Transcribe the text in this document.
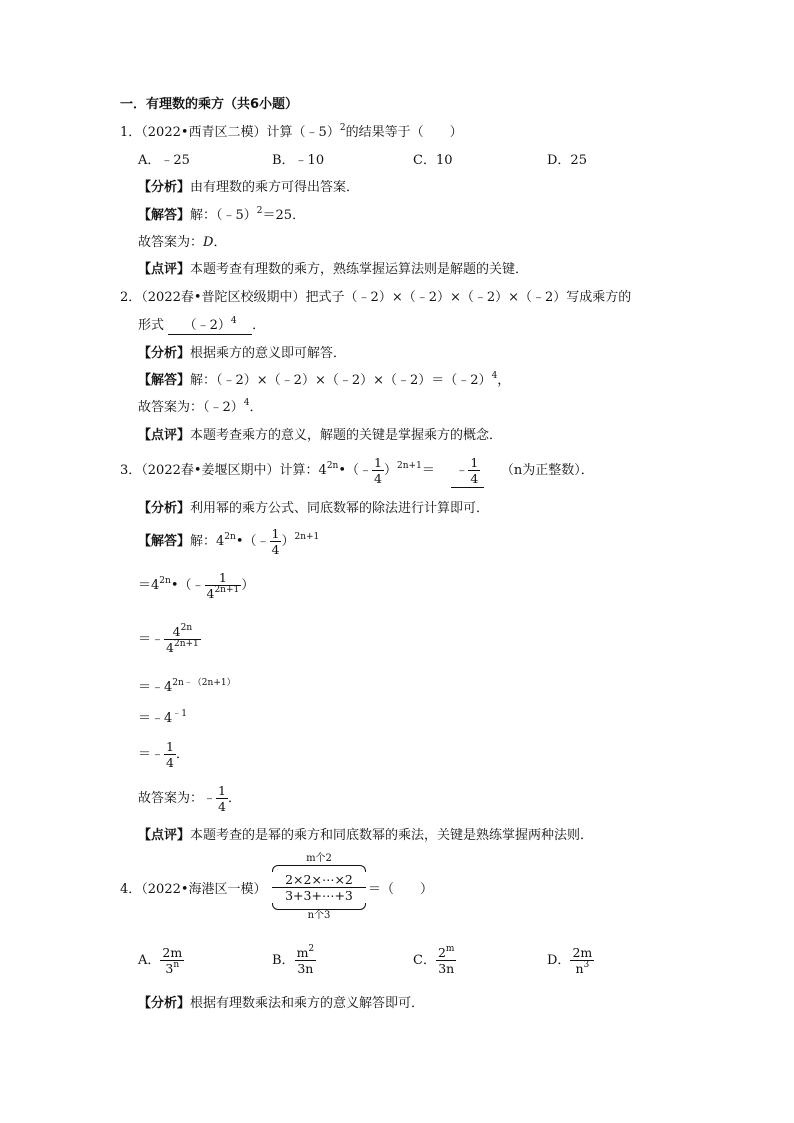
一．有理数的乘方（共6小题）
1．（2022•西青区二模）计算（﹣5）$^2$的结果等于（　　）
A．﹣25	B．﹣10	C．10	D．25
【分析】由有理数的乘方可得出答案．
【解答】解：（﹣5）$^2$＝25．
故答案为：D．
【点评】本题考查有理数的乘方，熟练掌握运算法则是解题的关键．
2．（2022春•普陀区校级期中）把式子（﹣2）×（﹣2）×（﹣2）×（﹣2）写成乘方的
形式 （﹣2）$^4$ ．
【分析】根据乘方的意义即可解答．
【解答】解：（﹣2）×（﹣2）×（﹣2）×（﹣2）＝（﹣2）$^4$，
故答案为：（﹣2）$^4$．
【点评】本题考查乘方的意义，解题的关键是掌握乘方的概念．
3．（2022春•姜堰区期中）计算：$4^{2n}•(﹣ \frac{1}{4} )^{2n+1}=$ ﹣ $\frac{1}{4} (n$为正整数）．
【分析】利用幂的乘方公式、同底数幂的除法进行计算即可．
【解答】解：$4^{2n}•(﹣ \frac{1}{4} )^{2n+1}$
$=4^{2n}•(﹣ \frac{1}{4^{2n+1}}$ ）
＝﹣ $\frac{4^{2n}}{4^{2n+1}}$
$=﹣4^{2n﹣(2n+1)}$
$=﹣4^{﹣1}$
＝﹣ $\frac{1}{4}$ ．
故答案为：﹣ $\frac{1}{4}$ ．
【点评】本题考查的是幂的乘方和同底数幂的乘法，关键是熟练掌握两种法则．
4．（2022•海港区一模）
m个2
2×2×⋯×2
3+3+⋯+3
n个3
＝（　　）
A． $\frac{2m}{3^n}$	B． $\frac{m^2}{3n}$	C． $\frac{2^m}{3n}$	D． $\frac{2m}{n^3}$
【分析】根据有理数乘法和乘方的意义解答即可．
